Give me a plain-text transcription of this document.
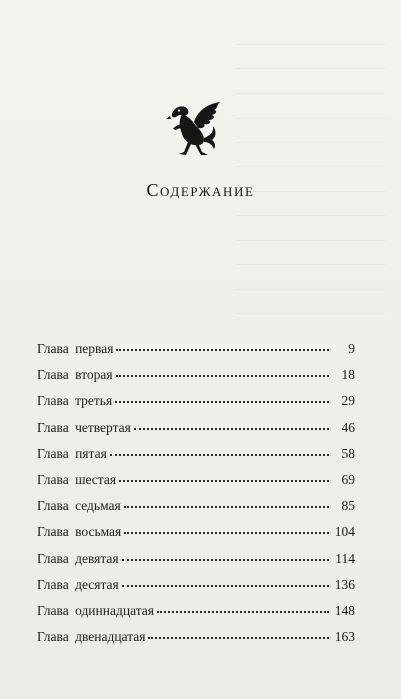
Содержание
Глава первая	9
Глава вторая	18
Глава третья	29
Глава четвертая	46
Глава пятая	58
Глава шестая	69
Глава седьмая	85
Глава восьмая	104
Глава девятая	114
Глава десятая	136
Глава одиннадцатая	148
Глава двенадцатая	163
